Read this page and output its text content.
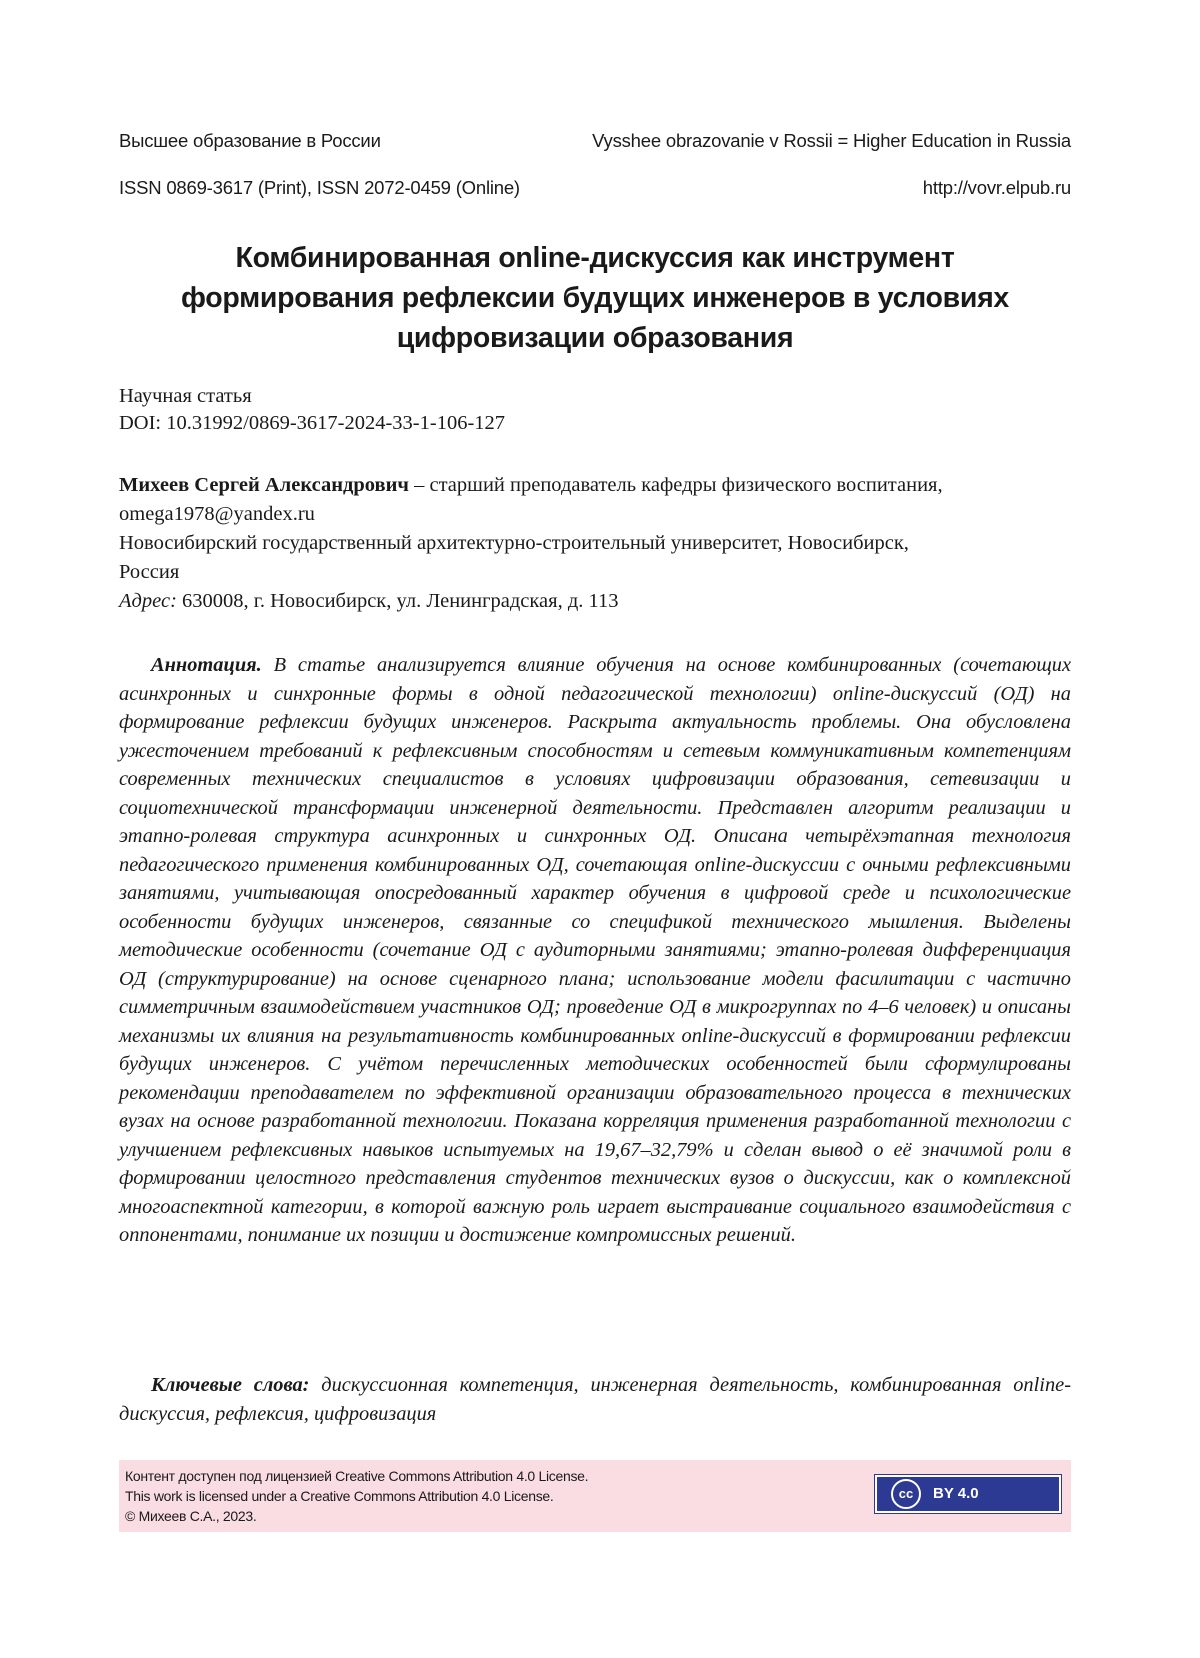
Высшее образование в России	Vysshee obrazovanie v Rossii = Higher Education in Russia
ISSN 0869-3617 (Print), ISSN 2072-0459 (Online)	http://vovr.elpub.ru
Комбинированная online-дискуссия как инструмент
формирования рефлексии будущих инженеров в условиях
цифровизации образования
Научная статья
DOI: 10.31992/0869-3617-2024-33-1-106-127

Михеев Сергей Александрович – старший преподаватель кафедры физического воспитания,

omega1978@yandex.ru

Новосибирский государственный архитектурно-строительный университет, Новосибирск,
Россия

Адрес: 630008, г. Новосибирск, ул. Ленинградская, д. 113

Аннотация. В статье анализируется влияние обучения на основе комбинированных (сочетающих асинхронных и синхронные формы в одной педагогической технологии) online-дискуссий (ОД) на формирование рефлексии будущих инженеров. Раскрыта актуальность проблемы. Она обусловлена ужесточением требований к рефлексивным способностям и сетевым коммуникативным компетенциям современных технических специалистов в условиях цифровизации образования, сетевизации и социотехнической трансформации инженерной деятельности. Представлен алгоритм реализации и этапно-ролевая структура асинхронных и синхронных ОД. Описана четырёхэтапная технология педагогического применения комбинированных ОД, сочетающая online-дискуссии с очными рефлексивными занятиями, учитывающая опосредованный характер обучения в цифровой среде и психологические особенности будущих инженеров, связанные со спецификой технического мышления. Выделены методические особенности (сочетание ОД с аудиторными занятиями; этапно-ролевая дифференциация ОД (структурирование) на основе сценарного плана; использование модели фасилитации с частично симметричным взаимодействием участников ОД; проведение ОД в микрогруппах по 4–6 человек) и описаны механизмы их влияния на результативность комбинированных online-дискуссий в формировании рефлексии будущих инженеров. С учётом перечисленных методических особенностей были сформулированы рекомендации преподавателем по эффективной организации образовательного процесса в технических вузах на основе разработанной технологии. Показана корреляция применения разработанной технологии с улучшением рефлексивных навыков испытуемых на 19,67–32,79% и сделан вывод о её значимой роли в формировании целостного представления студентов технических вузов о дискуссии, как о комплексной многоаспектной категории, в которой важную роль играет выстраивание социального взаимодействия с оппонентами, понимание их позиции и достижение компромиссных решений.
Ключевые слова: дискуссионная компетенция, инженерная деятельность, комбинированная online-дискуссия, рефлексия, цифровизация
Контент доступен под лицензией Creative Commons Attribution 4.0 License.
This work is licensed under a Creative Commons Attribution 4.0 License.
© Михеев С.А., 2023.
cc	BY 4.0
